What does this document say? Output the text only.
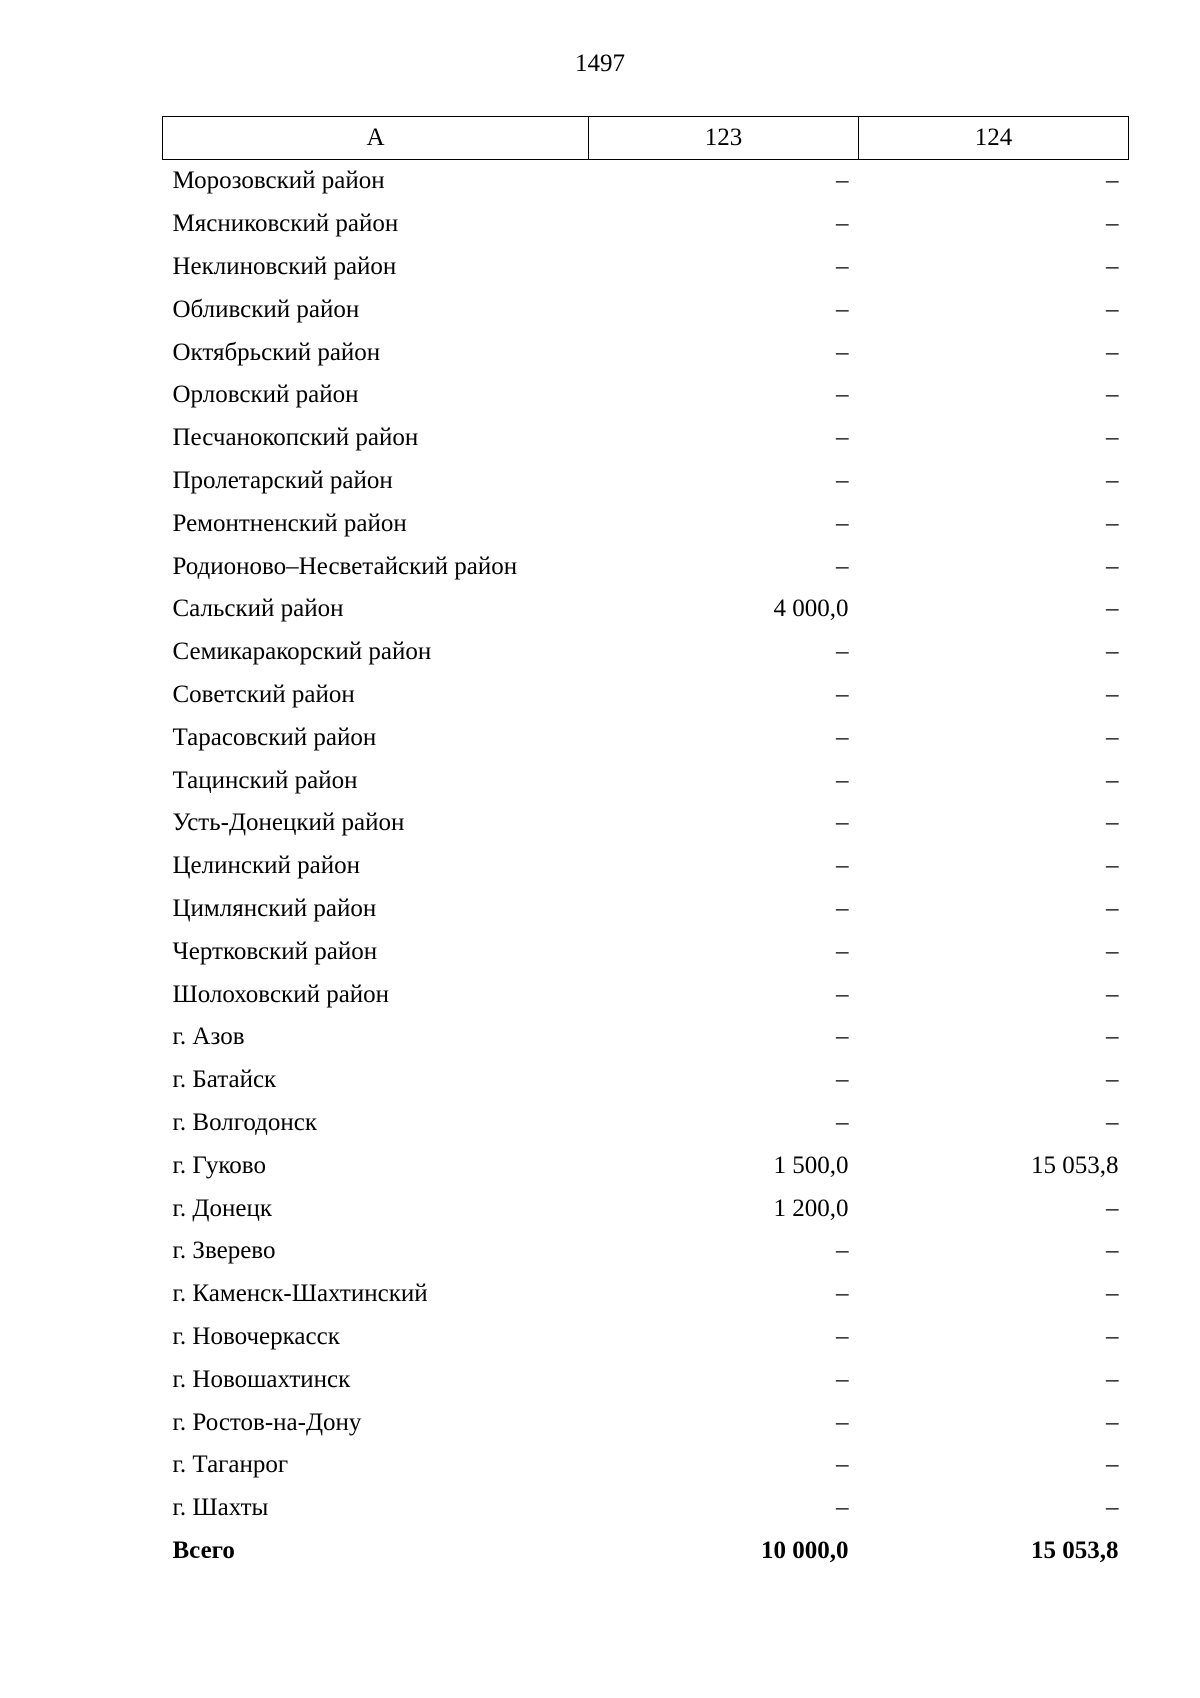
1497
А	123	124
Морозовский район	–	–
Мясниковский район	–	–
Неклиновский район	–	–
Обливский район	–	–
Октябрьский район	–	–
Орловский район	–	–
Песчанокопский район	–	–
Пролетарский район	–	–
Ремонтненский район	–	–
Родионово–Несветайский район	–	–
Сальский район	4 000,0	–
Семикаракорский район	–	–
Советский район	–	–
Тарасовский район	–	–
Тацинский район	–	–
Усть-Донецкий район	–	–
Целинский район	–	–
Цимлянский район	–	–
Чертковский район	–	–
Шолоховский район	–	–
г. Азов	–	–
г. Батайск	–	–
г. Волгодонск	–	–
г. Гуково	1 500,0	15 053,8
г. Донецк	1 200,0	–
г. Зверево	–	–
г. Каменск-Шахтинский	–	–
г. Новочеркасск	–	–
г. Новошахтинск	–	–
г. Ростов-на-Дону	–	–
г. Таганрог	–	–
г. Шахты	–	–
Всего	10 000,0	15 053,8
